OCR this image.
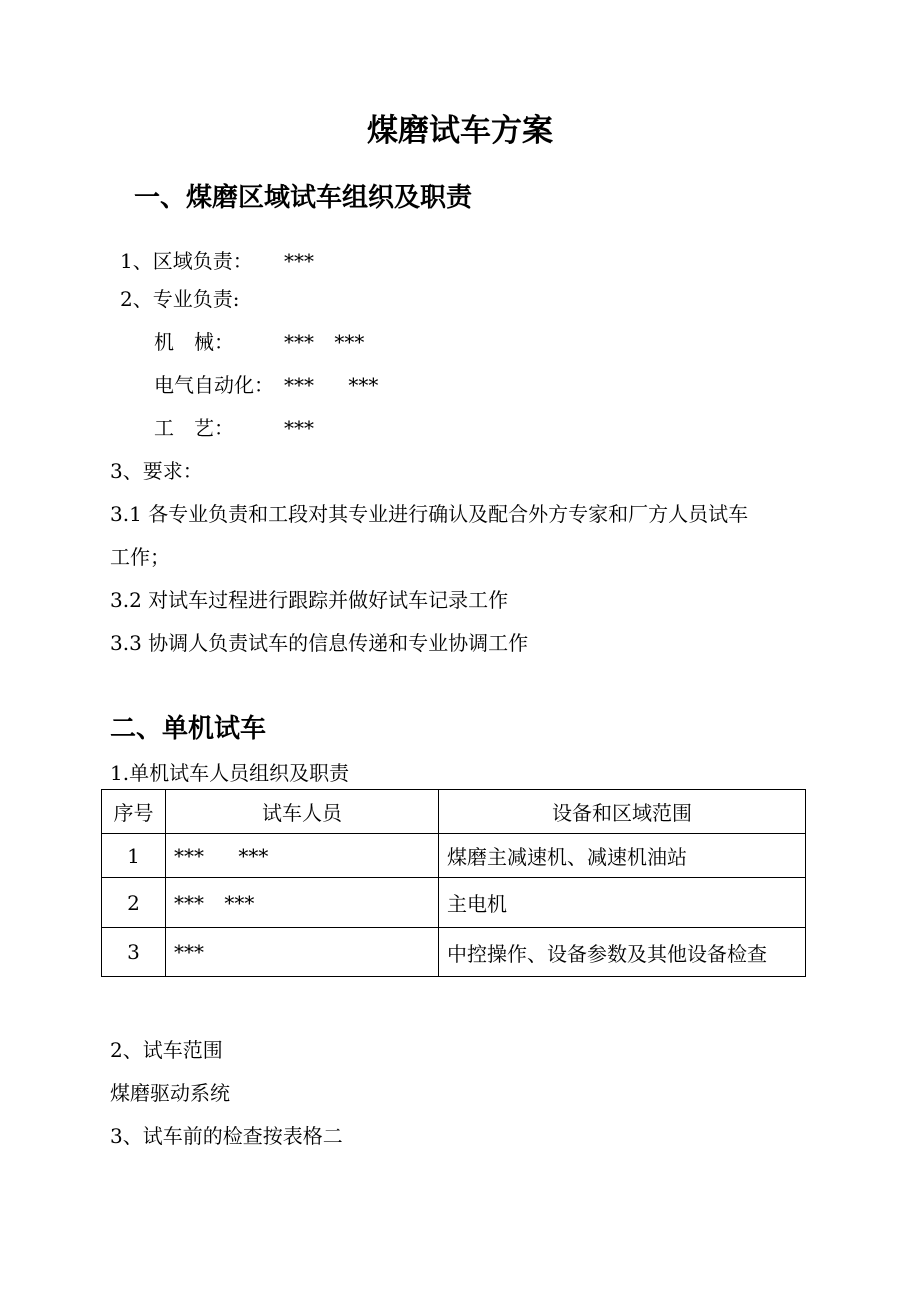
煤磨试车方案
一、煤磨区域试车组织及职责
1、区域负责： ***
2、专业负责:
机　械：	*** ***
电气自动化： *** ***
工　艺：	***
3、要求：
3.1 各专业负责和工段对其专业进行确认及配合外方专家和厂方人员试车
工作；
3.2 对试车过程进行跟踪并做好试车记录工作
3.3 协调人负责试车的信息传递和专业协调工作
二、单机试车
1.单机试车人员组织及职责
序号	试车人员	设备和区域范围
1	*** ***	煤磨主减速机、减速机油站
2	*** ***	主电机
3	***	中控操作、设备参数及其他设备检查
2、试车范围
煤磨驱动系统
3、试车前的检查按表格二
